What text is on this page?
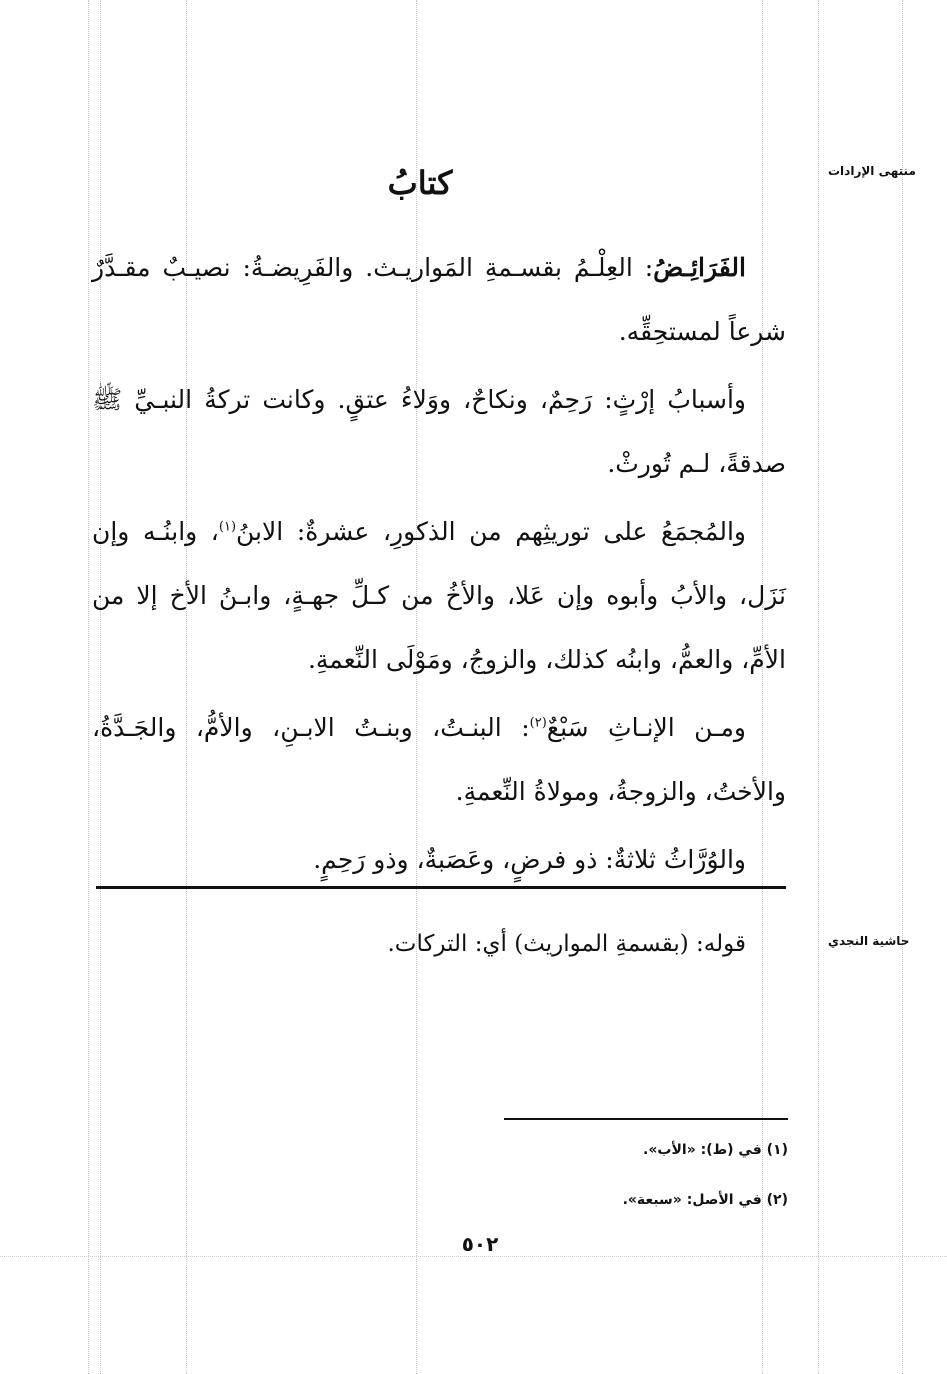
منتهى الإرادات
حاشية النجدي
كتابُ

الفَرَائِـضُ: العِلْـمُ بقسـمةِ المَواريـث. والفَرِيضـةُ: نصيـبٌ مقـدَّرٌ شرعاً لمستحِقِّه.

وأسبابُ إرْثٍ: رَحِمٌ، ونكاحٌ، ووَلاءُ عتقٍ. وكانت تركةُ النبـيِّ ﷺ صدقةً، لـم تُورثْ.

والمُجمَعُ على توريثِهم من الذكورِ، عشرةٌ: الابنُ$^{(١)}$، وابنُـه وإن نَزَل، والأبُ وأبوه وإن عَلا، والأخُ من كـلِّ جهـةٍ، وابـنُ الأخ إلا من الأمِّ، والعمُّ، وابنُه كذلك، والزوجُ، ومَوْلَى النِّعمةِ.

ومـن الإنـاثِ سَبْعٌ$^{(٢)}$: البنـتُ، وبنـتُ الابـنِ، والأمُّ، والجَـدَّةُ، والأختُ، والزوجةُ، ومولاةُ النِّعمةِ.

والوُرَّاثُ ثلاثةٌ: ذو فرضٍ، وعَصَبةٌ، وذو رَحِمٍ.

قوله: (بقسمةِ المواريث) أي: التركات.

(١) في (ط): «الأب».
(٢) في الأصل: «سبعة».
٥٠٢
